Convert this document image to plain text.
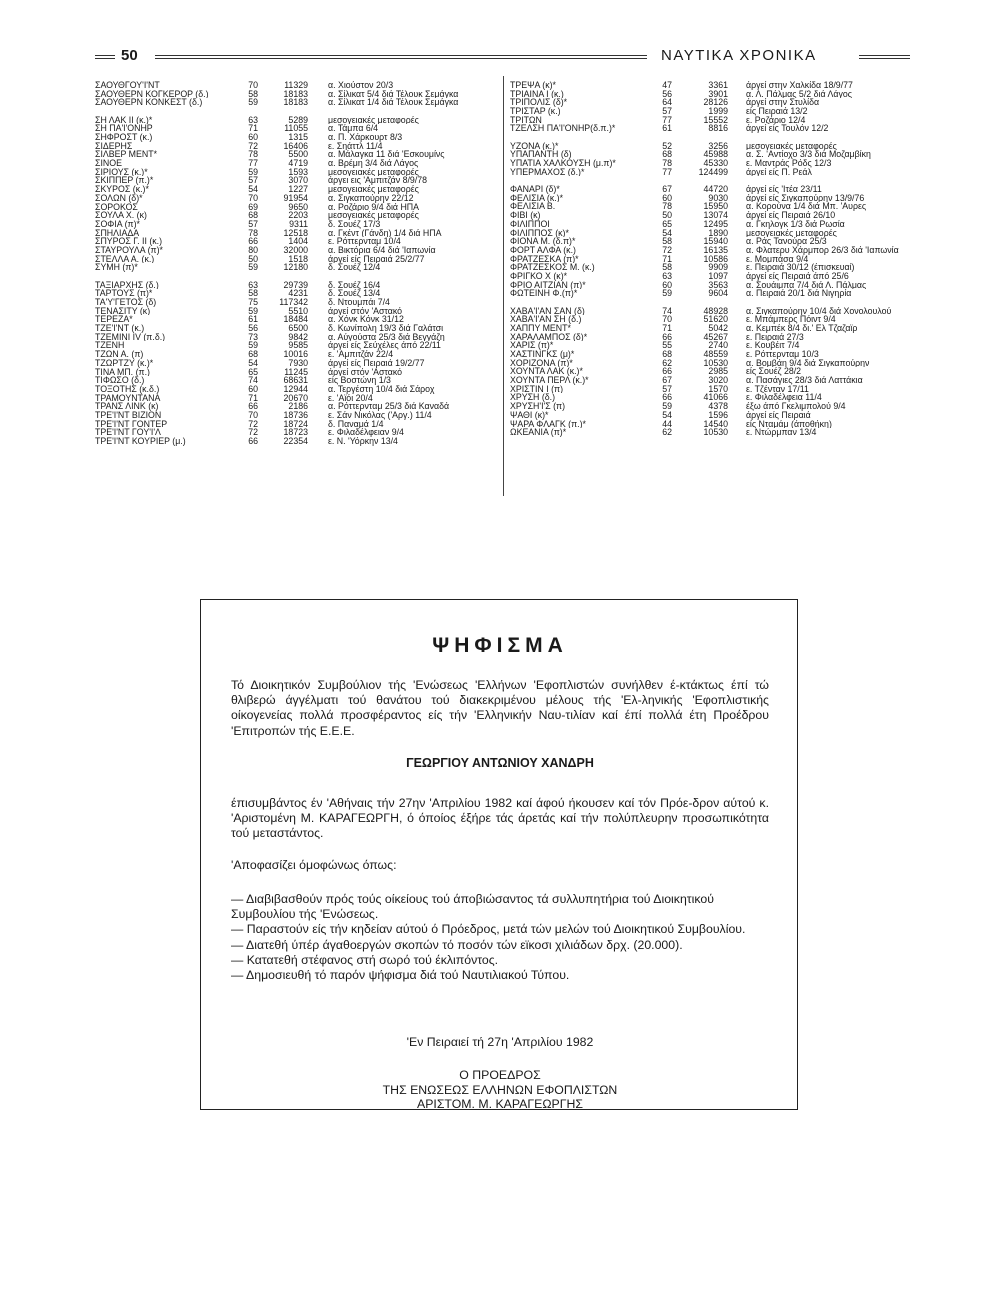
50	ΝΑΥΤΙΚΑ ΧΡΟΝΙΚΑ
ΣΑΟΥΘΓΟΥ'Ι'ΝΤ	70	11329	α. Χιούστον 20/3
ΣΑΟΥΘΕΡΝ ΚΟΓΚΕΡΟΡ (δ.)	58	18183	α. Σίλικατ 5/4 διά Τέλουκ Σεμάγκα
ΣΑΟΥΘΕΡΝ ΚΟΝΚΕΣΤ (δ.)	59	18183	α. Σίλικατ 1/4 διά Τέλουκ Σεμάγκα
ΣΗ ΛΑΚ ΙΙ (κ.)*	63	5289	μεσογειακές μεταφορές
ΣΗ ΠΑ'Ι'ΟΝΗΡ	71	11055	α. Τάμπα 6/4
ΣΗΦΡΟΣΤ (κ.)	60	1315	α. Π. Χάρκουρτ 8/3
ΣΙΔΕΡΗΣ	72	16406	ε. Σηάττλ 11/4
ΣΙΛΒΕΡ ΜΕΝΤ*	78	5500	α. Μάλαγκα 11 διά 'Εσκουμίνς
ΣΙΝΟΕ	77	4719	α. Βρέμη 3/4 διά Λάγος
ΣΙΡΙΟΥΣ (κ.)*	59	1593	μεσογειακές μεταφορές
ΣΚΙΠΠΕΡ (π.)*	57	3070	άργει εις 'Αμπιτζάν 8/9/78
ΣΚΥΡΟΣ (κ.)*	54	1227	μεσογειακές μεταφορές
ΣΟΛΩΝ (δ)*	70	91954	α. Σιγκαπούρην 22/12
ΣΟΡΟΚΟΣ	69	9650	α. Ροζάριο 9/4 διά ΗΠΑ
ΣΟΥΛΑ Χ. (κ)	68	2203	μεσογειακές μεταφορές
ΣΟΦΙΑ (π)*	57	9311	δ. Σουέζ 17/3
ΣΠΗΛΙΑΔΑ	78	12518	α. Γκέντ (Γάνδη) 1/4 διά ΗΠΑ
ΣΠΥΡΟΣ Γ. ΙΙ (κ.)	66	1404	ε. Ρόττερνταμ 10/4
ΣΤΑΥΡΟΥΛΑ (π)*	80	32000	α. Βικτόρια 6/4 διά 'Ιαπωνία
ΣΤΕΛΛΑ Α. (κ.)	50	1518	άργεί είς Πειραιά 25/2/77
ΣΥΜΗ (π)*	59	12180	δ. Σουέζ 12/4
ΤΑΞΙΑΡΧΗΣ (δ.)	63	29739	δ. Σουέζ 16/4
ΤΑΡΤΟΥΣ (π)*	58	4231	δ. Σουέζ 13/4
ΤΑ'Υ'ΓΕΤΟΣ (δ)	75	117342	δ. Ντουμπάι 7/4
ΤΕΝΑΣΙΤΥ (κ)	59	5510	άργεί στόν 'Αστακό
ΤΕΡΕΖΑ*	61	18484	α. Χόνκ Κόνκ 31/12
ΤΖΕ'Ι'ΝΤ (κ.)	56	6500	δ. Κωνίπολη 19/3 διά Γαλάτσι
ΤΖΕΜΙΝΙ IV (π.δ.)	73	9842	α. Αύγούστα 25/3 διά Βεγγάζη
ΤΖΕΝΗ	59	9585	άργεί είς Σεύχέλες άπό 22/11
ΤΖΩΝ Α. (π)	68	10016	ε. 'Αμπιτζάν 22/4
ΤΖΩΡΤΖΥ (κ.)*	54	7930	άργεί είς Πειραιά 19/2/77
ΤΙΝΑ ΜΠ. (π.)	65	11245	άργεί στόν 'Αστακό
ΤΙΦΩΣΟ (δ.)	74	68631	είς Βοστώνη 1/3
ΤΟΞΟΤΗΣ (κ.δ.)	60	12944	α. Τεργέστη 10/4 διά Σάροχ
ΤΡΑΜΟΥΝΤΑΝΑ	71	20670	ε. 'Αϊόι 20/4
ΤΡΑΝΣ ΛΙΝΚ (κ)	66	2186	α. Ρόττερνταμ 25/3 διά Καναδά
ΤΡΕ'Ι'ΝΤ ΒΙΖΙΟΝ	70	18736	ε. Σάν Νικόλας ('Αργ.) 11/4
ΤΡΕ'Ι'ΝΤ ΓΟΝΤΕΡ	72	18724	δ. Παναμά 1/4
ΤΡΕ'Ι'ΝΤ ΓΟΥ'Ι'Λ	72	18723	ε. Φιλαδέλφειαν 9/4
ΤΡΕ'Ι'ΝΤ ΚΟΥΡΙΕΡ (μ.)	66	22354	ε. Ν. 'Υόρκην 13/4
ΤΡΕΨΑ (κ)*	47	3361	άργεί στην Χαλκίδα 18/9/77
ΤΡΙΑΙΝΑ Ι (κ.)	56	3901	α. Λ. Πάλμας 5/2 διά Λάγος
ΤΡΙΠΟΛΙΣ (δ)*	64	28126	άργεί στην Στυλίδα
ΤΡΙΣΤΑΡ (κ.)	57	1999	είς Πειραιά 13/2
ΤΡΙΤΩΝ	77	15552	ε. Ροζάριο 12/4
ΤΖΕΛΣΗ ΠΑ'Ι'ΟΝΗΡ(δ.π.)*	61	8816	άργεί είς Τουλόν 12/2
ΥΖΟΝΑ (κ.)*	52	3256	μεσογειακές μεταφορές
ΥΠΑΠΑΝΤΗ (δ)	68	45988	α. Σ. 'Αντίοχο 3/3 διά Μοζαμβίκη
ΥΠΑΤΙΑ ΧΑΛΚΟΥΣΗ (μ.π)*	78	45330	ε. Μαντράς Ρόδς 12/3
ΥΠΕΡΜΑΧΟΣ (δ.)*	77	124499	άργεί είς Π. Ρεάλ
ΦΑΝΑΡΙ (δ)*	67	44720	άργεί είς 'Ιτέα 23/11
ΦΕΛΙΣΙΑ (κ.)*	60	9030	άργεί είς Σιγκαπούρην 13/9/76
ΦΕΛΙΣΙΑ Β.	78	15950	α. Κορούνα 1/4 διά Μπ. 'Αυρες
ΦΙΒΙ (κ)	50	13074	άργεί είς Πειραιά 26/10
ΦΙΛΙΠΠΟΙ	65	12495	α. Γκηλογκ 1/3 διά Ρωσία
ΦΙΛΙΠΠΟΣ (κ)*	54	1890	μεσογειακές μεταφορές
ΦΙΟΝΑ Μ. (δ.π)*	58	15940	α. Ράς Τανούρα 25/3
ΦΟΡΤ ΑΛΦΑ (κ.)	72	16135	α. Φλατερυ Χάρμπορ 26/3 διά 'Ιαπωνία
ΦΡΑΤΖΕΣΚΑ (π)*	71	10586	ε. Μομπάσα 9/4
ΦΡΑΤΖΕΣΚΟΣ Μ. (κ.)	58	9909	ε. Πειραιά 30/12 (έπισκευαί)
ΦΡΙΓΚΟ Χ (κ)*	63	1097	άργεί είς Πειραιά άπό 25/6
ΦΡΙΟ ΑΙΤΖΙΑΝ (π)*	60	3563	α. Σουάιμπα 7/4 διά Λ. Πάλμας
ΦΩΤΕΙΝΗ Φ.(π)*	59	9604	α. Πειραιά 20/1 διά Νιγηρία
ΧΑΒΑ'Ι'ΑΝ ΣΑΝ (δ)	74	48928	α. Σιγκαπούρην 10/4 διά Χονολουλού
ΧΑΒΑ'Ι'ΑΝ ΣΗ (δ.)	70	51620	ε. Μπάμπερς Πόιντ 9/4
ΧΑΠΠΥ ΜΕΝΤ*	71	5042	α. Κεμπέκ 8/4 δι.' Ελ Τζαζαϊρ
ΧΑΡΑΛΑΜΠΟΣ (δ)*	66	45267	ε. Πειραιά 27/3
ΧΑΡΙΣ (π)*	55	2740	ε. Κουβέιτ 7/4
ΧΑΣΤΙΝΓΚΣ (μ)*	68	48559	ε. Ρόττερνταμ 10/3
ΧΟΡΙΖΟΝΑ (π)*	62	10530	α. Βομβάη 9/4 διά Σιγκαπούρην
ΧΟΥΝΤΑ ΛΑΚ (κ.)*	66	2985	είς Σουέζ 28/2
ΧΟΥΝΤΑ ΠΕΡΛ (κ.)*	67	3020	α. Πασάγιες 28/3 διά Λαττάκια
ΧΡΙΣΤΙΝ Ι (π)	57	1570	ε. Τζένταν 17/11
ΧΡΥΣΗ (δ.)	66	41066	ε. Φιλαδέλφεια 11/4
ΧΡΥΣΗ'Ι'Σ (π)	59	4378	έξω άπό Γκελιμπολού 9/4
ΨΑΘΙ (κ)*	54	1596	άργεί είς Πειραιά
ΨΑΡΑ ΦΛΑΓΚ (π.)*	44	14540	είς Νταμάμ (άποθήκη)
ΩΚΕΑΝΙΑ (π)*	62	10530	ε. Ντώρμπαν 13/4
ΨΗΦΙΣΜΑ
Τό Διοικητικόν Συμβούλιον τής 'Ενώσεως 'Ελλήνων 'Εφοπλιστών συνήλθεν έ-κτάκτως έπί τώ θλιβερώ άγγέλματι τού θανάτου τού διακεκριμένου μέλους τής 'Ελ-ληνικής 'Εφοπλιστικής οίκογενείας πολλά προσφέραντος είς τήν 'Ελληνικήν Ναυ-τιλίαν καί έπί πολλά έτη Προέδρου 'Επιτροπών τής Ε.Ε.Ε.
ΓΕΩΡΓΙΟΥ ΑΝΤΩΝΙΟΥ ΧΑΝΔΡΗ
έπισυμβάντος έν 'Αθήναις τήν 27ην 'Απριλίου 1982 καί άφού ήκουσεν καί τόν Πρόε-δρον αύτού κ. 'Αριστομένη Μ. ΚΑΡΑΓΕΩΡΓΗ, ό όποίος έξήρε τάς άρετάς καί τήν πολύπλευρην προσωπικότητα τού μεταστάντος.
'Αποφασίζει όμοφώνως όπως:
— Διαβιβασθούν πρός τούς οίκείους τού άποβιώσαντος τά συλλυπητήρια τού Διοικητικού Συμβουλίου τής 'Ενώσεως.
— Παραστούν είς τήν κηδείαν αύτού ό Πρόεδρος, μετά τών μελών τού Διοικητικού Συμβουλίου.
— Διατεθή ύπέρ άγαθοεργών σκοπών τό ποσόν τών εϊκοσι χιλιάδων δρχ. (20.000).
— Κατατεθή στέφανος στή σωρό τού έκλιπόντος.
— Δημοσιευθή τό παρόν ψήφισμα διά τού Ναυτιλιακού Τύπου.
'Εν Πειραιεί τή 27η 'Απριλίου 1982
Ο ΠΡΟΕΔΡΟΣ
ΤΗΣ ΕΝΩΣΕΩΣ ΕΛΛΗΝΩΝ ΕΦΟΠΛΙΣΤΩΝ
ΑΡΙΣΤΟΜ. Μ. ΚΑΡΑΓΕΩΡΓΗΣ
